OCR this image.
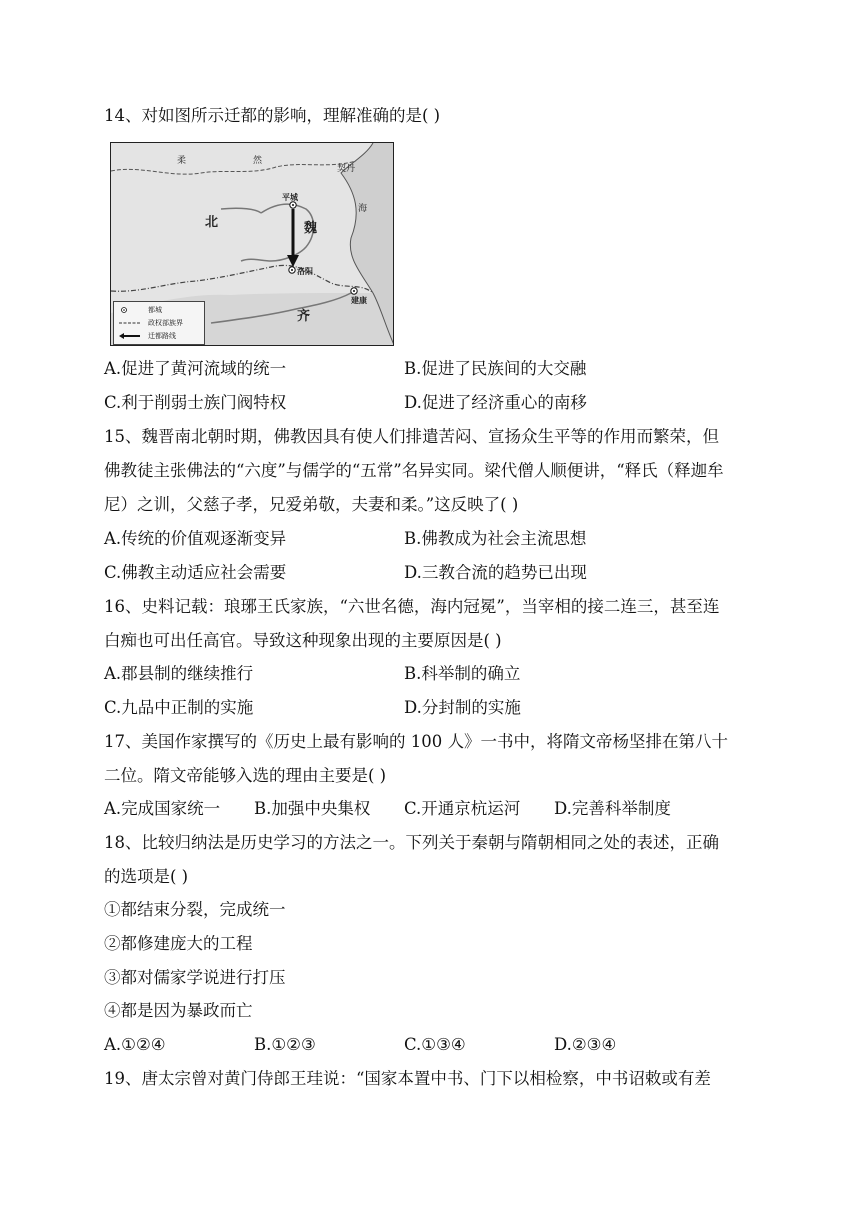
14、对如图所示迁都的影响，理解准确的是( )
柔	然
契丹
北	魏
平城
洛阳
建康
齐
海
都城
政权部族界
迁都路线
A.促进了黄河流域的统一	B.促进了民族间的大交融
C.利于削弱士族门阀特权	D.促进了经济重心的南移
15、魏晋南北朝时期，佛教因具有使人们排遣苦闷、宣扬众生平等的作用而繁荣，但
佛教徒主张佛法的“六度”与儒学的“五常”名异实同。梁代僧人顺便讲，“释氏（释迦牟
尼）之训，父慈子孝，兄爱弟敬，夫妻和柔。”这反映了( )
A.传统的价值观逐渐变异	B.佛教成为社会主流思想
C.佛教主动适应社会需要	D.三教合流的趋势已出现
16、史料记载：琅琊王氏家族，“六世名德，海内冠冕”，当宰相的接二连三，甚至连
白痴也可出任高官。导致这种现象出现的主要原因是( )
A.郡县制的继续推行	B.科举制的确立
C.九品中正制的实施	D.分封制的实施
17、美国作家撰写的《历史上最有影响的 100 人》一书中，将隋文帝杨坚排在第八十
二位。隋文帝能够入选的理由主要是( )
A.完成国家统一 B.加强中央集权 C.开通京杭运河 D.完善科举制度
18、比较归纳法是历史学习的方法之一。下列关于秦朝与隋朝相同之处的表述，正确
的选项是( )
①都结束分裂，完成统一
②都修建庞大的工程
③都对儒家学说进行打压
④都是因为暴政而亡
A.①②④	B.①②③	C.①③④	D.②③④
19、唐太宗曾对黄门侍郎王珪说：“国家本置中书、门下以相检察，中书诏敕或有差
